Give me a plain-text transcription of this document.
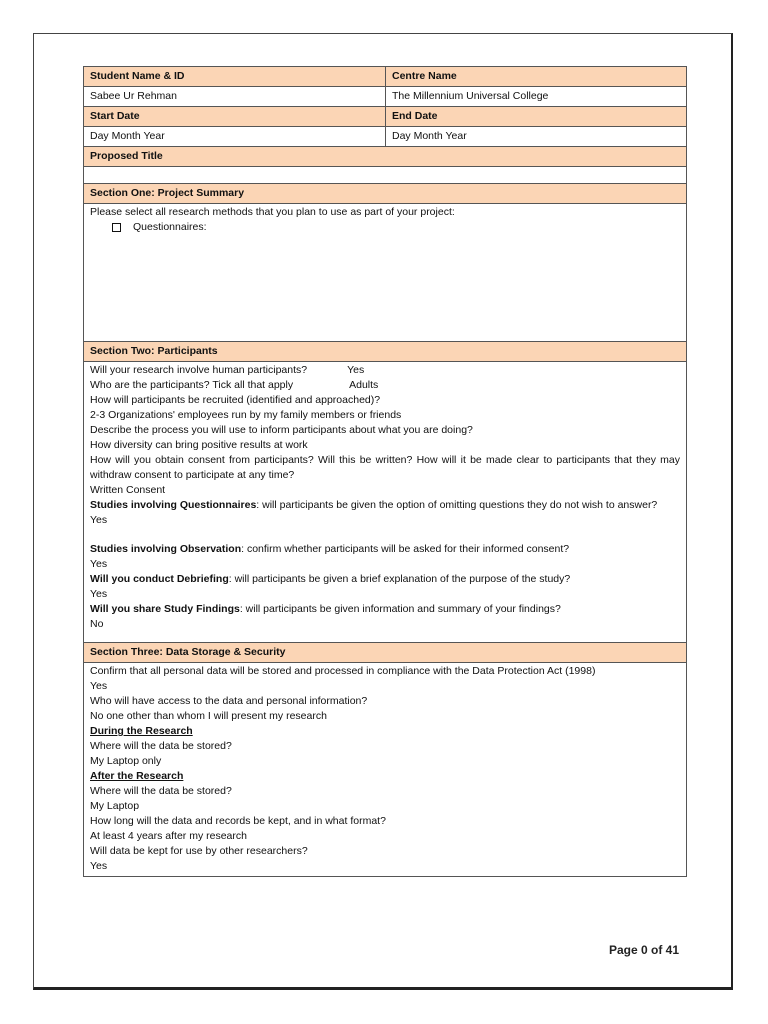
Student Name & ID	Centre Name
Sabee Ur Rehman	The Millennium Universal College
Start Date	End Date
Day Month Year	Day Month Year
Proposed Title
Section One: Project Summary

Please select all research methods that you plan to use as part of your project:

Questionnaires:

Section Two: Participants

Will your research involve human participants?	Yes

Who are the participants? Tick all that apply	Adults

How will participants be recruited (identified and approached)?

2-3 Organizations' employees run by my family members or friends

Describe the process you will use to inform participants about what you are doing?

How diversity can bring positive results at work

How will you obtain consent from participants? Will this be written? How will it be made clear to participants that they may withdraw consent to participate at any time?

Written Consent

Studies involving Questionnaires: will participants be given the option of omitting questions they do not wish to answer?

Yes

Studies involving Observation: confirm whether participants will be asked for their informed consent?

Yes

Will you conduct Debriefing: will participants be given a brief explanation of the purpose of the study?

Yes

Will you share Study Findings: will participants be given information and summary of your findings?

No

Section Three: Data Storage & Security

Confirm that all personal data will be stored and processed in compliance with the Data Protection Act (1998)

Yes

Who will have access to the data and personal information?

No one other than whom I will present my research

During the Research

Where will the data be stored?

My Laptop only

After the Research

Where will the data be stored?

My Laptop

How long will the data and records be kept, and in what format?

At least 4 years after my research

Will data be kept for use by other researchers?

Yes

Page 0 of 41
